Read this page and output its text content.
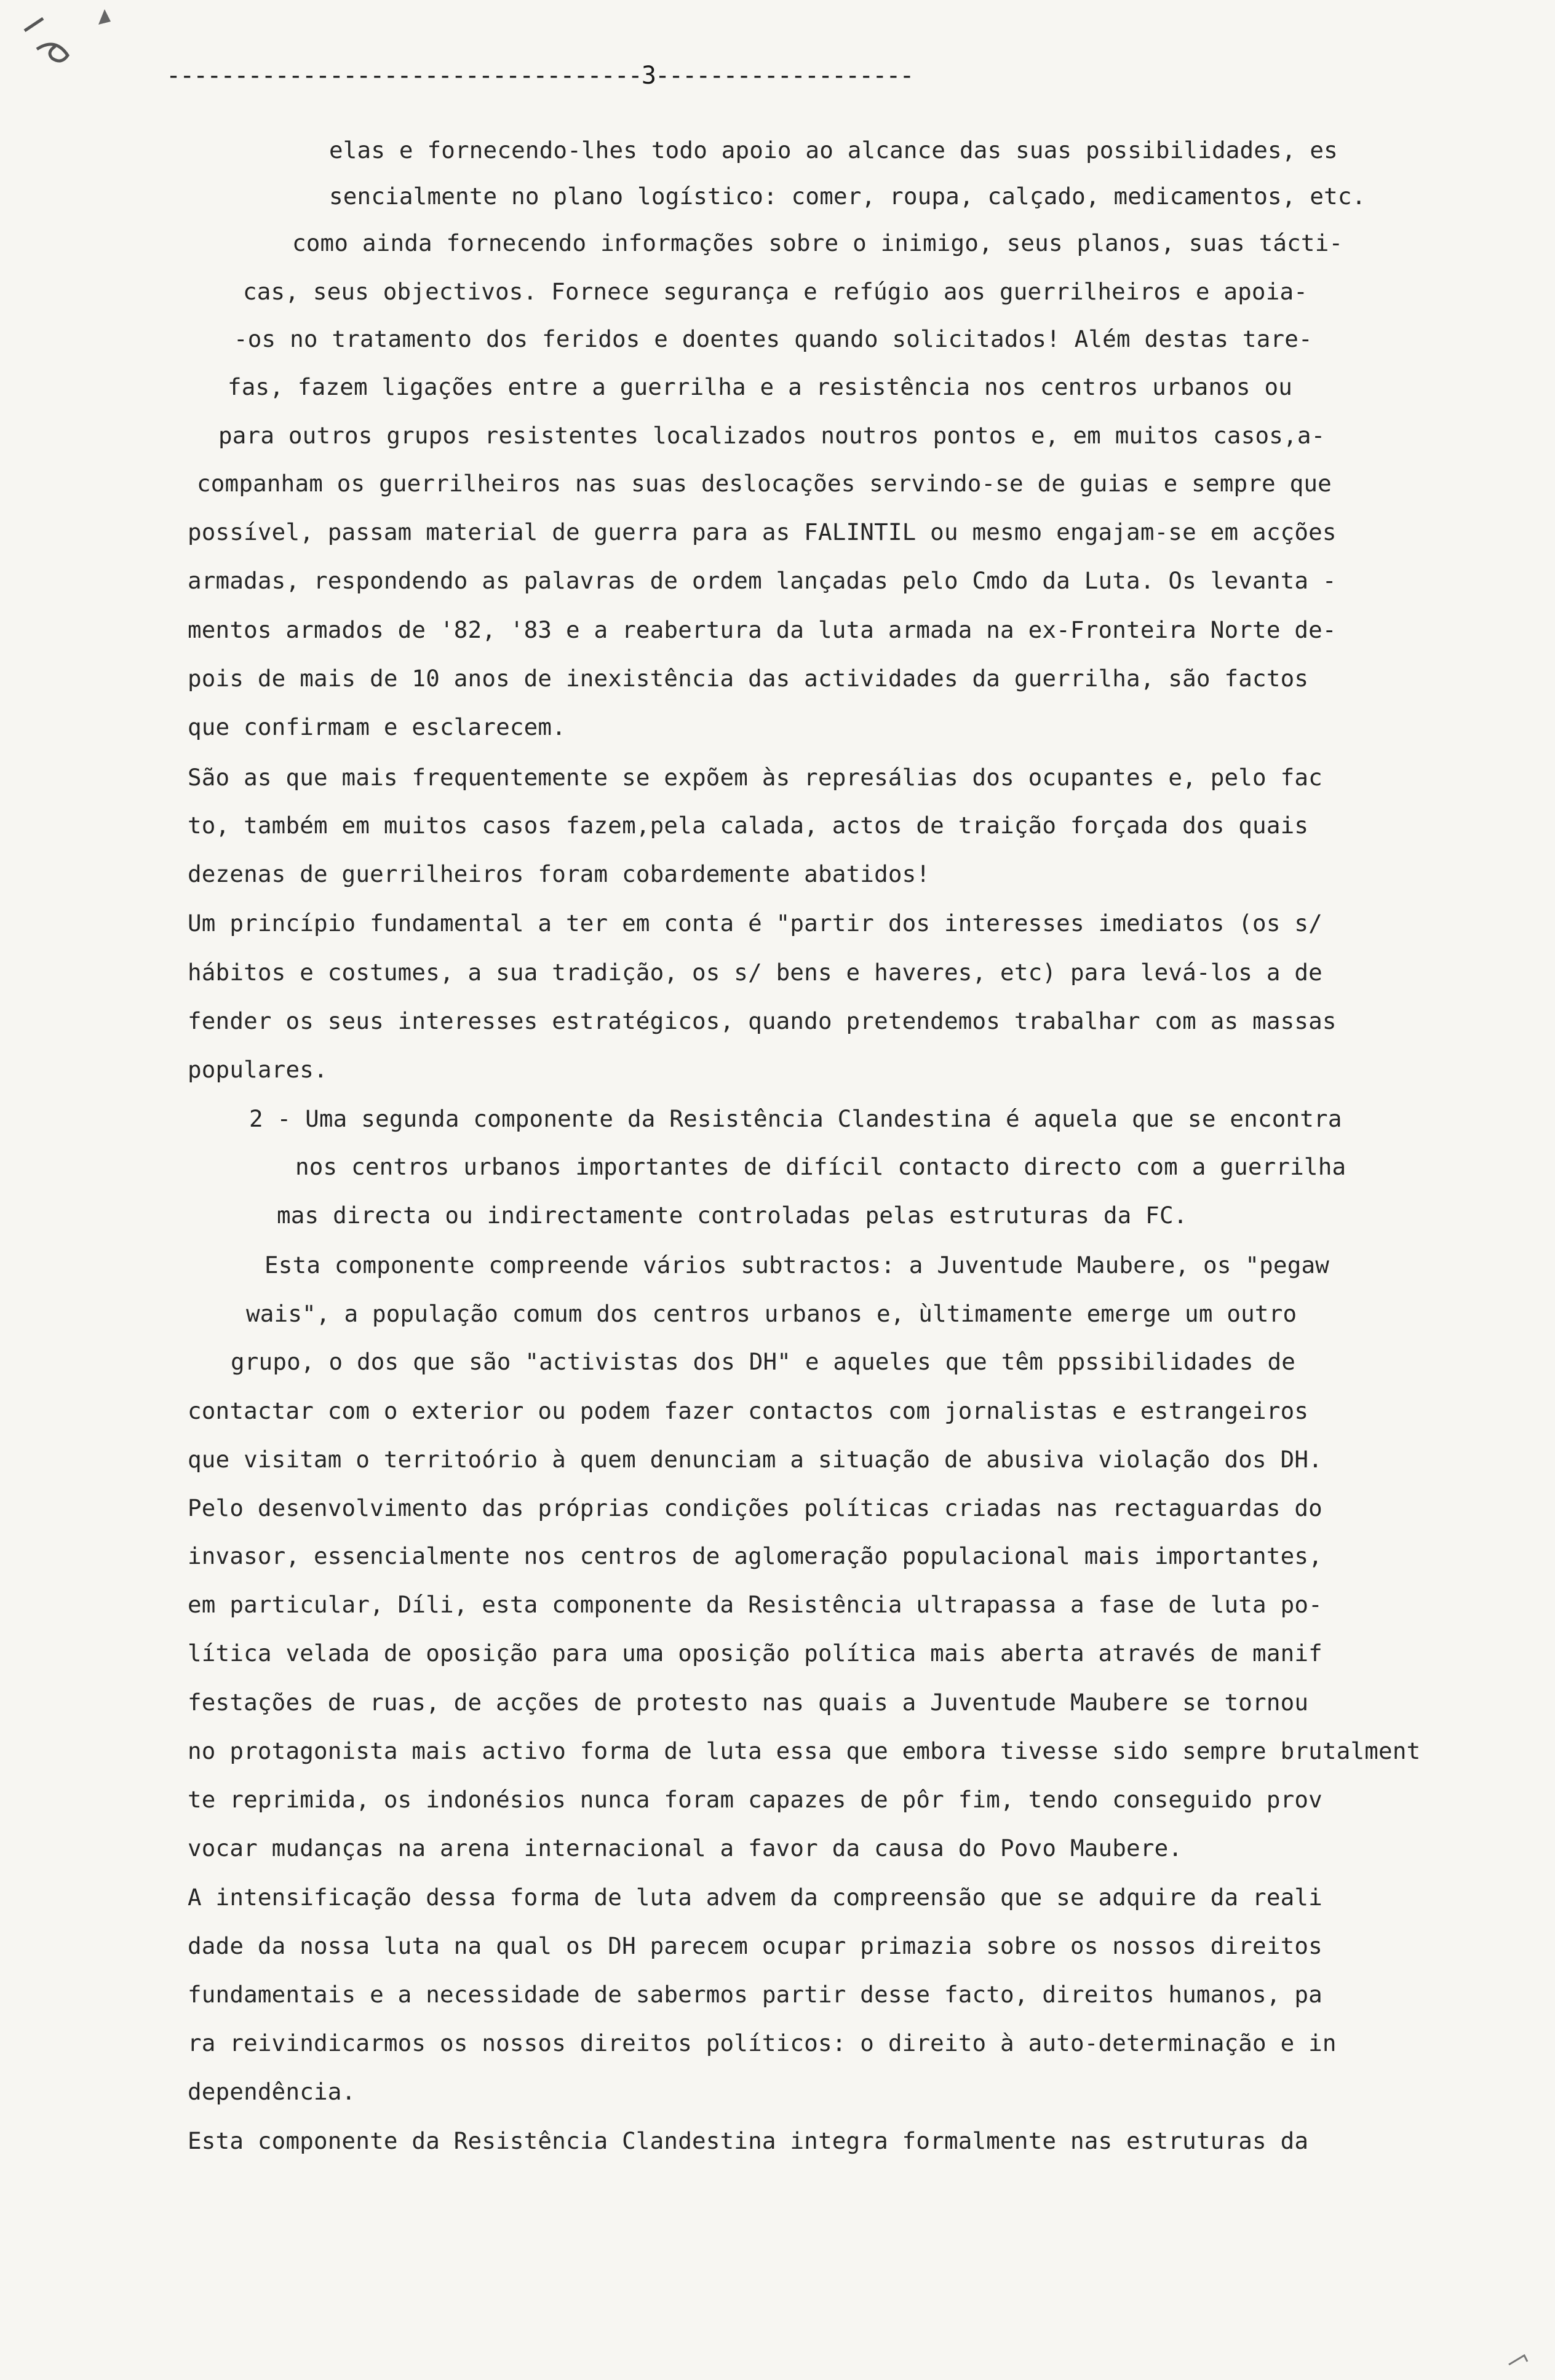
-----------------------------------3-------------------
elas e fornecendo-lhes todo apoio ao alcance das suas possibilidades, es
sencialmente no plano logístico: comer, roupa, calçado, medicamentos, etc.
como ainda fornecendo informações sobre o inimigo, seus planos, suas tácti-
cas, seus objectivos. Fornece segurança e refúgio aos guerrilheiros e apoia-
-os no tratamento dos feridos e doentes quando solicitados! Além destas tare-
fas, fazem ligações entre a guerrilha e a resistência nos centros urbanos ou
para outros grupos resistentes localizados noutros pontos e, em muitos casos,a-
companham os guerrilheiros nas suas deslocações servindo-se de guias e sempre que
possível, passam material de guerra para as FALINTIL ou mesmo engajam-se em acções
armadas, respondendo as palavras de ordem lançadas pelo Cmdo da Luta. Os levanta -
mentos armados de '82, '83 e a reabertura da luta armada na ex-Fronteira Norte de-
pois de mais de 10 anos de inexistência das actividades da guerrilha, são factos
que confirmam e esclarecem.
São as que mais frequentemente se expõem às represálias dos ocupantes e, pelo fac
to, também em muitos casos fazem,pela calada, actos de traição forçada dos quais
dezenas de guerrilheiros foram cobardemente abatidos!
Um princípio fundamental a ter em conta é "partir dos interesses imediatos (os s/
hábitos e costumes, a sua tradição, os s/ bens e haveres, etc) para levá-los a de
fender os seus interesses estratégicos, quando pretendemos trabalhar com as massas
populares.
2 - Uma segunda componente da Resistência Clandestina é aquela que se encontra
nos centros urbanos importantes de difícil contacto directo com a guerrilha
mas directa ou indirectamente controladas pelas estruturas da FC.
Esta componente compreende vários subtractos: a Juventude Maubere, os "pegaw
wais", a população comum dos centros urbanos e, ùltimamente emerge um outro
grupo, o dos que são "activistas dos DH" e aqueles que têm ppssibilidades de
contactar com o exterior ou podem fazer contactos com jornalistas e estrangeiros
que visitam o territoório à quem denunciam a situação de abusiva violação dos DH.
Pelo desenvolvimento das próprias condições políticas criadas nas rectaguardas do
invasor, essencialmente nos centros de aglomeração populacional mais importantes,
em particular, Díli, esta componente da Resistência ultrapassa a fase de luta po-
lítica velada de oposição para uma oposição política mais aberta através de manif
festações de ruas, de acções de protesto nas quais a Juventude Maubere se tornou
no protagonista mais activo forma de luta essa que embora tivesse sido sempre brutalment
te reprimida, os indonésios nunca foram capazes de pôr fim, tendo conseguido prov
vocar mudanças na arena internacional a favor da causa do Povo Maubere.
A intensificação dessa forma de luta advem da compreensão que se adquire da reali
dade da nossa luta na qual os DH parecem ocupar primazia sobre os nossos direitos
fundamentais e a necessidade de sabermos partir desse facto, direitos humanos, pa
ra reivindicarmos os nossos direitos políticos: o direito à auto-determinação e in
dependência.
Esta componente da Resistência Clandestina integra formalmente nas estruturas da
